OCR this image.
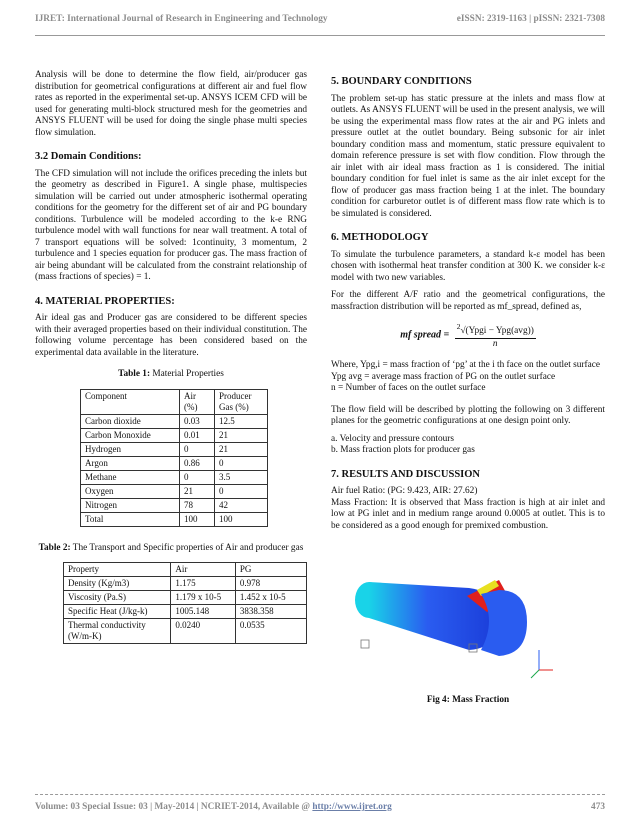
IJRET: International Journal of Research in Engineering and Technology	eISSN: 2319-1163 | pISSN: 2321-7308

Analysis will be done to determine the flow field, air/producer gas distribution for geometrical configurations at different air and fuel flow rates as reported in the experimental set-up. ANSYS ICEM CFD will be used for generating multi-block structured mesh for the geometries and ANSYS FLUENT will be used for doing the single phase multi species flow simulation.

3.2 Domain Conditions:

The CFD simulation will not include the orifices preceding the inlets but the geometry as described in Figure1. A single phase, multispecies simulation will be carried out under atmospheric isothermal operating conditions for the geometry for the different set of air and PG boundary conditions. Turbulence will be modeled according to the k-e RNG turbulence model with wall functions for near wall treatment. A total of 7 transport equations will be solved: 1continuity, 3 momentum, 2 turbulence and 1 species equation for producer gas. The mass fraction of air being abundant will be calculated from the constraint relationship of (mass fractions of species) = 1.

4. MATERIAL PROPERTIES:

Air ideal gas and Producer gas are considered to be different species with their averaged properties based on their individual constitution. The following volume percentage has been considered based on the experimental data available in the literature.

Table 1: Material Properties
Component	Air (%)	Producer Gas (%)
Carbon dioxide	0.03	12.5
Carbon Monoxide	0.01	21
Hydrogen	0	21
Argon	0.86	0
Methane	0	3.5
Oxygen	21	0
Nitrogen	78	42
Total	100	100
Table 2: The Transport and Specific properties of Air and producer gas
Property	Air	PG
Density (Kg/m3)	1.175	0.978
Viscosity (Pa.S)	1.179 x 10-5	1.452 x 10-5
Specific Heat (J/kg-k)	1005.148	3838.358
Thermal conductivity (W/m-K)	0.0240	0.0535
5. BOUNDARY CONDITIONS

The problem set-up has static pressure at the inlets and mass flow at outlets. As ANSYS FLUENT will be used in the present analysis, we will be using the experimental mass flow rates at the air and PG inlets and pressure outlet at the outlet boundary. Being subsonic for air inlet boundary condition mass and momentum, static pressure equivalent to domain reference pressure is set with flow condition. Flow through the air inlet with air ideal mass fraction as 1 is considered. The initial boundary condition for fuel inlet is same as the air inlet except for the flow of producer gas mass fraction being 1 at the inlet. The boundary condition for carburetor outlet is of different mass flow rate which is to be simulated is considered.

6. METHODOLOGY

To simulate the turbulence parameters, a standard k-ε model has been chosen with isothermal heat transfer condition at 300 K. we consider k-ε model with two new variables.

For the different A/F ratio and the geometrical configurations, the massfraction distribution will be reported as mf_spread, defined as,

mf spread =
$^2$√(Ypgi − Ypg(avg))
n

Where, Ypg,i = mass fraction of ‘pg’ at the i th face on the outlet surface

Ypg avg = average mass fraction of PG on the outlet surface

n = Number of faces on the outlet surface

The flow field will be described by plotting the following on 3 different planes for the geometric configurations at one design point only.

a. Velocity and pressure contours

b. Mass fraction plots for producer gas

7. RESULTS AND DISCUSSION

Air fuel Ratio: (PG: 9.423, AIR: 27.62)

Mass Fraction: It is observed that Mass fraction is high at air inlet and low at PG inlet and in medium range around 0.0005 at outlet. This is to be considered as a good enough for premixed combustion.

Fig 4: Mass Fraction
Volume: 03 Special Issue: 03 | May-2014 | NCRIET-2014, Available @ http://www.ijret.org	473
